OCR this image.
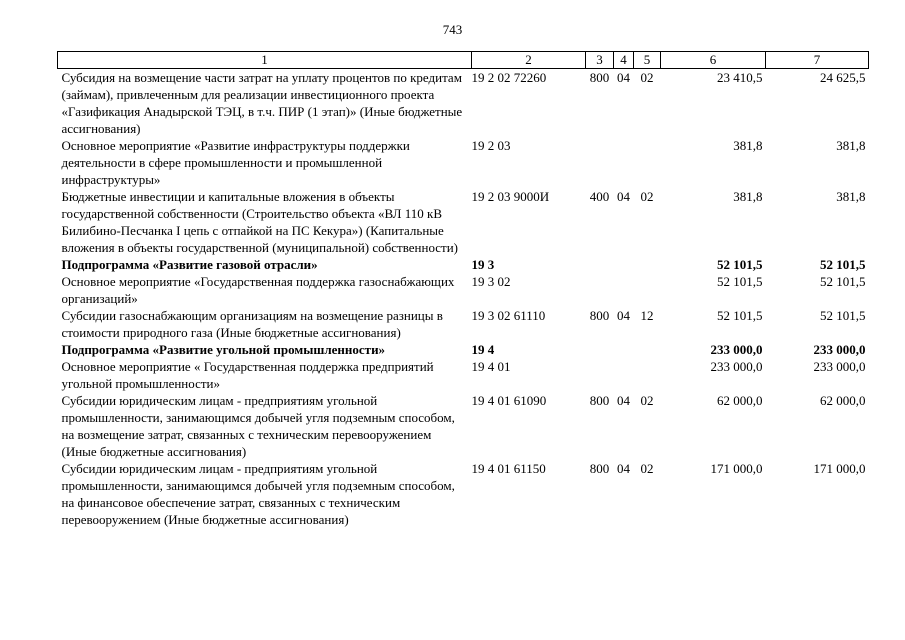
743
1	2	3	4	5	6	7
Субсидия на возмещение части затрат на уплату процентов по кредитам (займам), привлеченным для реализации инвестиционного проекта «Газификация Анадырской ТЭЦ, в т.ч. ПИР (1 этап)» (Иные бюджетные ассигнования)	19 2 02 72260	800	04	02	23 410,5	24 625,5
Основное мероприятие «Развитие инфраструктуры поддержки деятельности в сфере промышленности и промышленной инфраструктуры»	19 2 03				381,8	381,8
Бюджетные инвестиции и капитальные вложения в объекты государственной собственности (Строительство объекта «ВЛ 110 кВ Билибино-Песчанка I цепь с отпайкой на ПС Кекура») (Капитальные вложения в объекты государственной (муниципальной) собственности)	19 2 03 9000И	400	04	02	381,8	381,8
Подпрограмма «Развитие газовой отрасли»	19 3				52 101,5	52 101,5
Основное мероприятие «Государственная поддержка газоснабжающих организаций»	19 3 02				52 101,5	52 101,5
Субсидии газоснабжающим организациям на возмещение разницы в стоимости природного газа (Иные бюджетные ассигнования)	19 3 02 61110	800	04	12	52 101,5	52 101,5
Подпрограмма «Развитие угольной промышленности»	19 4				233 000,0	233 000,0
Основное мероприятие « Государственная поддержка предприятий угольной промышленности»	19 4 01				233 000,0	233 000,0
Субсидии юридическим лицам - предприятиям угольной промышленности, занимающимся добычей угля подземным способом, на возмещение затрат, связанных с техническим перевооружением (Иные бюджетные ассигнования)	19 4 01 61090	800	04	02	62 000,0	62 000,0
Субсидии юридическим лицам - предприятиям угольной промышленности, занимающимся добычей угля подземным способом, на финансовое обеспечение затрат, связанных с техническим перевооружением (Иные бюджетные ассигнования)	19 4 01 61150	800	04	02	171 000,0	171 000,0
